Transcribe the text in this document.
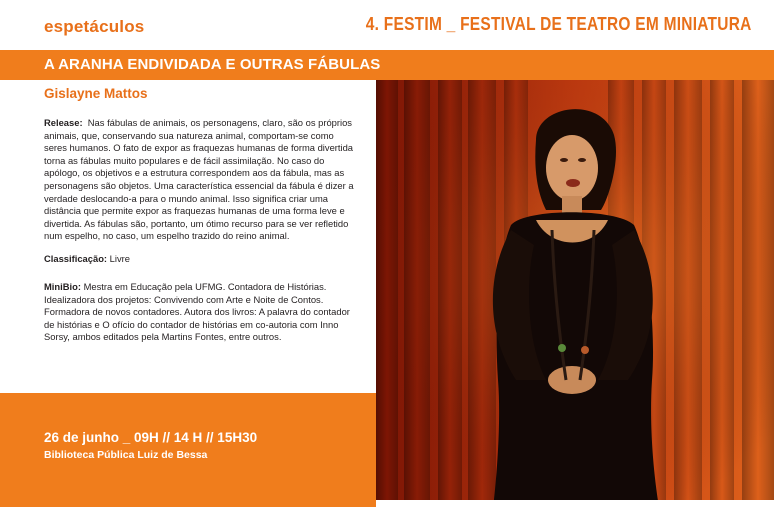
espetáculos	4. FESTIM _ FESTIVAL DE TEATRO EM MINIATURA
A ARANHA ENDIVIDADA E OUTRAS FÁBULAS
Gislayne Mattos
Release:  Nas fábulas de animais, os personagens, claro, são os próprios animais, que, conservando sua natureza animal, comportam-se como seres humanos. O fato de expor as fraquezas humanas de forma divertida torna as fábulas muito populares e de fácil assimilação. No caso do apólogo, os objetivos e a estrutura correspondem aos da fábula, mas as personagens são objetos. Uma característica essencial da fábula é dizer a verdade deslocando-a para o mundo animal. Isso significa criar uma distância que permite expor as fraquezas humanas de uma forma leve e divertida. As fábulas são, portanto, um ótimo recurso para se ver refletido num espelho, no caso, um espelho trazido do reino animal.
Classificação: Livre
MiniBio: Mestra em Educação pela UFMG. Contadora de Histórias. Idealizadora dos projetos: Convivendo com Arte e Noite de Contos. Formadora de novos contadores. Autora dos livros: A palavra do contador de histórias e O ofício do contador de histórias em co-autoria com Inno Sorsy, ambos editados pela Martins Fontes, entre outros.
26 de junho _ 09H // 14 H // 15H30
Biblioteca Pública Luiz de Bessa
